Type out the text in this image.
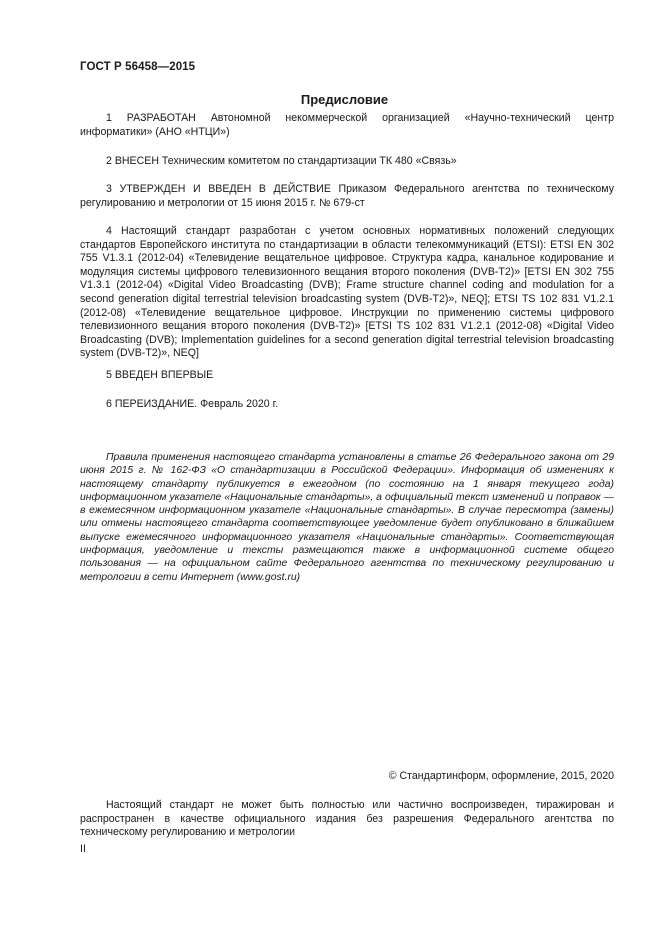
ГОСТ Р 56458—2015
Предисловие

1 РАЗРАБОТАН Автономной некоммерческой организацией «Научно-технический центр информатики» (АНО «НТЦИ»)

2 ВНЕСЕН Техническим комитетом по стандартизации ТК 480 «Связь»

3 УТВЕРЖДЕН И ВВЕДЕН В ДЕЙСТВИЕ Приказом Федерального агентства по техническому регулированию и метрологии от 15 июня 2015 г. № 679-ст

4 Настоящий стандарт разработан с учетом основных нормативных положений следующих стандартов Европейского института по стандартизации в области телекоммуникаций (ETSI): ETSI EN 302 755 V1.3.1 (2012-04) «Телевидение вещательное цифровое. Структура кадра, канальное кодирование и модуляция системы цифрового телевизионного вещания второго поколения (DVB-T2)» [ETSI EN 302 755 V1.3.1 (2012-04) «Digital Video Broadcasting (DVB); Frame structure channel coding and modulation for a second generation digital terrestrial television broadcasting system (DVB-T2)», NEQ]; ETSI TS 102 831 V1.2.1 (2012-08) «Телевидение вещательное цифровое. Инструкции по применению системы цифрового телевизионного вещания второго поколения (DVB-T2)» [ETSI TS 102 831 V1.2.1 (2012-08) «Digital Video Broadcasting (DVB); Implementation guidelines for a second generation digital terrestrial television broadcasting system (DVB-T2)», NEQ]

5 ВВЕДЕН ВПЕРВЫЕ

6 ПЕРЕИЗДАНИЕ. Февраль 2020 г.

Правила применения настоящего стандарта установлены в статье 26 Федерального закона от 29 июня 2015 г. № 162-ФЗ «О стандартизации в Российской Федерации». Информация об изменениях к настоящему стандарту публикуется в ежегодном (по состоянию на 1 января текущего года) информационном указателе «Национальные стандарты», а официальный текст изменений и поправок — в ежемесячном информационном указателе «Национальные стандарты». В случае пересмотра (замены) или отмены настоящего стандарта соответствующее уведомление будет опубликовано в ближайшем выпуске ежемесячного информационного указателя «Национальные стандарты». Соответствующая информация, уведомление и тексты размещаются также в информационной системе общего пользования — на официальном сайте Федерального агентства по техническому регулированию и метрологии в сети Интернет (www.gost.ru)

© Стандартинформ, оформление, 2015, 2020

Настоящий стандарт не может быть полностью или частично воспроизведен, тиражирован и распространен в качестве официального издания без разрешения Федерального агентства по техническому регулированию и метрологии

II
